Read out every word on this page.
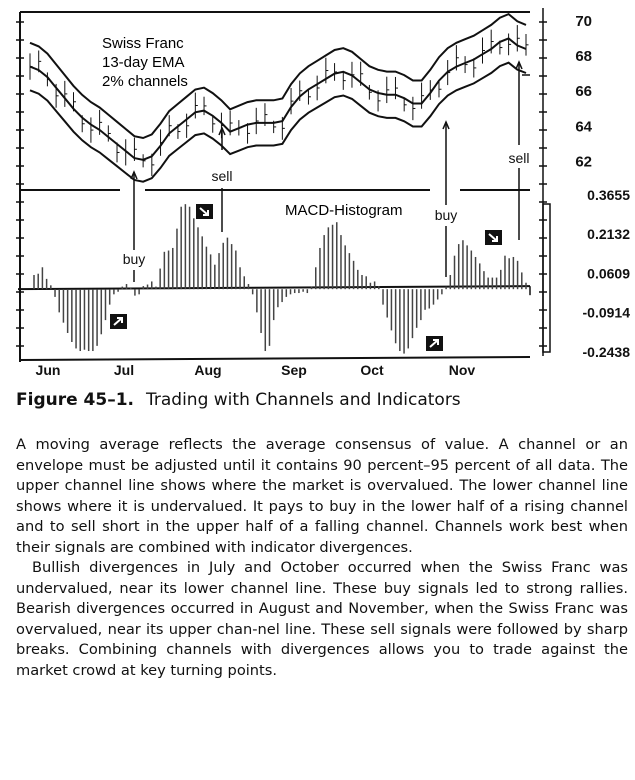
70
68
66
64
62
0.3655
0.2132
0.0609
-0.0914
-0.2438
Jun	Jul	Aug	Sep	Oct	Nov
buy
sell
buy
sell
Swiss Franc
13-day EMA
2% channels
MACD-Histogram
Figure 45–1. Trading with Channels and Indicators

A moving average reflects the average consensus of value. A channel or an envelope must be adjusted until it contains 90 percent–95 percent of all data. The upper channel line shows where the market is overvalued. The lower channel line shows where it is undervalued. It pays to buy in the lower half of a rising channel and to sell short in the upper half of a falling channel. Channels work best when their signals are combined with indicator divergences.

Bullish divergences in July and October occurred when the Swiss Franc was undervalued, near its lower channel line. These buy signals led to strong rallies. Bearish divergences occurred in August and November, when the Swiss Franc was overvalued, near its upper chan-nel line. These sell signals were followed by sharp breaks. Combining channels with divergences allows you to trade against the market crowd at key turning points.
